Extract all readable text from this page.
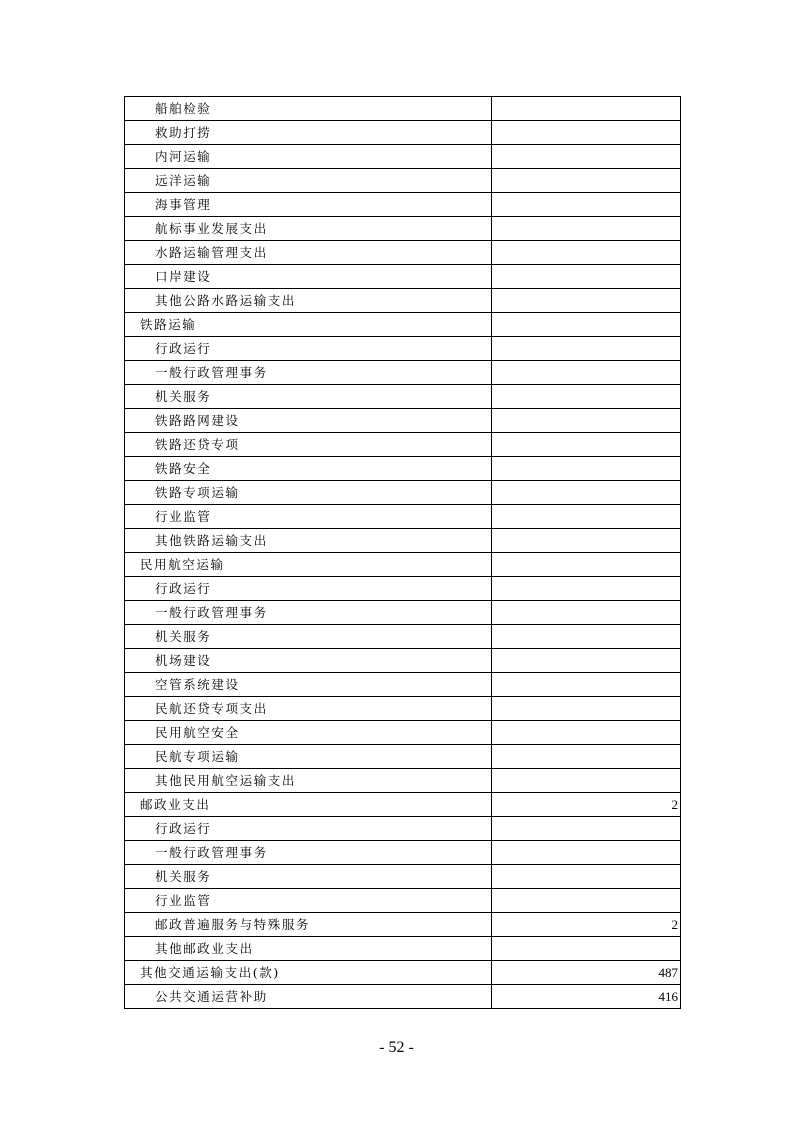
船舶检验	
救助打捞	
内河运输	
远洋运输	
海事管理	
航标事业发展支出	
水路运输管理支出	
口岸建设	
其他公路水路运输支出	
铁路运输	
行政运行	
一般行政管理事务	
机关服务	
铁路路网建设	
铁路还贷专项	
铁路安全	
铁路专项运输	
行业监管	
其他铁路运输支出	
民用航空运输	
行政运行	
一般行政管理事务	
机关服务	
机场建设	
空管系统建设	
民航还贷专项支出	
民用航空安全	
民航专项运输	
其他民用航空运输支出	
邮政业支出	2
行政运行	
一般行政管理事务	
机关服务	
行业监管	
邮政普遍服务与特殊服务	2
其他邮政业支出	
其他交通运输支出(款)	487
公共交通运营补助	416
- 52 -
